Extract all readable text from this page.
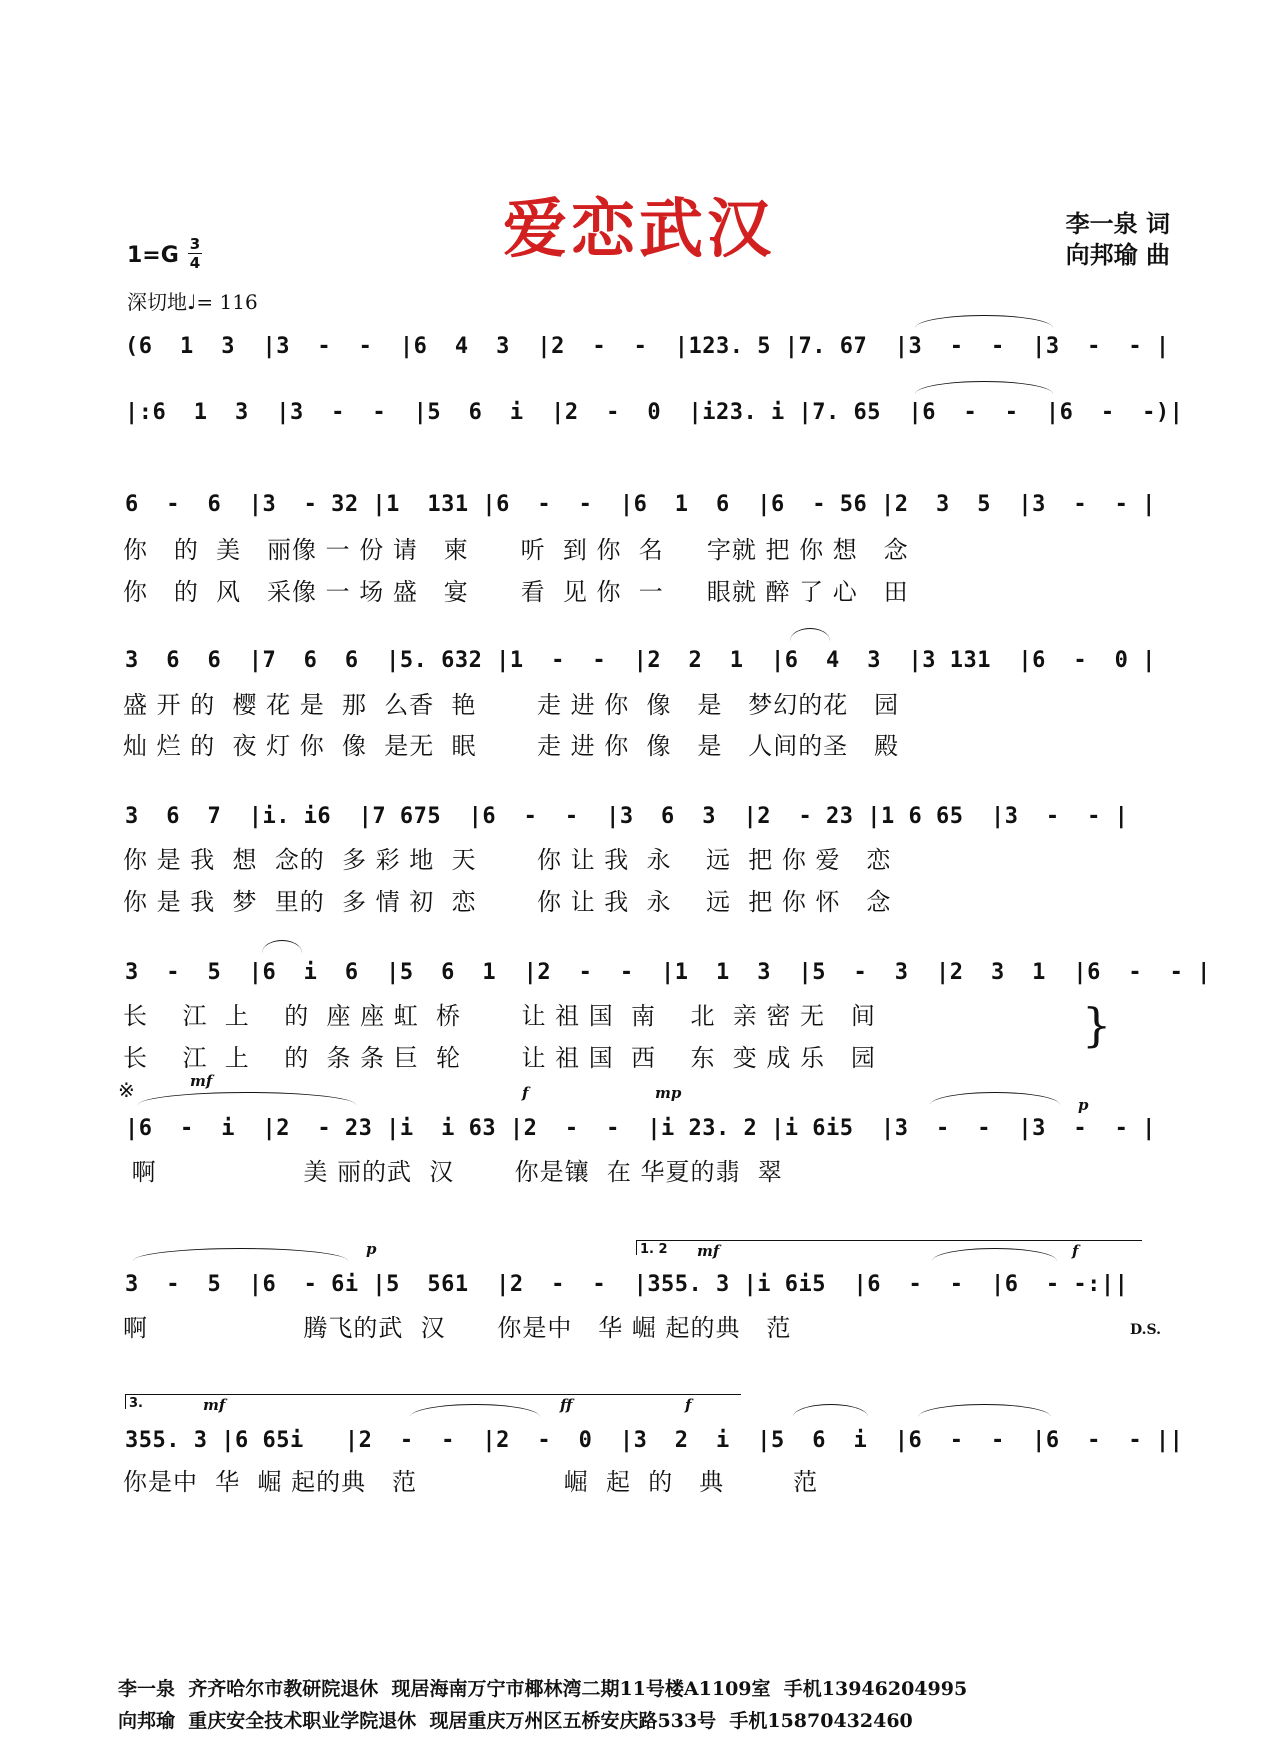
爱恋武汉	李一泉 词
向邦瑜 曲
1=G 3
4
深切地♩= 116
(6  1  3  |3  -  -  |6  4  3  |2  -  -  |123. 5 |7. 67  |3  -  -  |3  -  - |
|:6  1  3  |3  -  -  |5  6  i  |2  -  0  |i23. i |7. 65  |6  -  -  |6  -  -)|
6  -  6  |3  - 32 |1  131 |6  -  -  |6  1  6  |6  - 56 |2  3  5  |3  -  - |
你   的  美   丽像 一 份 请   柬      听  到 你  名     字就 把 你 想   念
你   的  风   采像 一 场 盛   宴      看  见 你  一     眼就 醉 了 心   田
3  6  6  |7  6  6  |5. 632 |1  -  -  |2  2  1  |6  4  3  |3 131  |6  -  0 |
盛 开 的  樱 花 是  那  么香  艳       走 进 你  像   是   梦幻的花   园
灿 烂 的  夜 灯 你  像  是无  眠       走 进 你  像   是   人间的圣   殿
3  6  7  |i. i6  |7 675  |6  -  -  |3  6  3  |2  - 23 |1 6 65  |3  -  - |
你 是 我  想  念的  多 彩 地  天       你 让 我  永    远  把 你 爱   恋
你 是 我  梦  里的  多 情 初  恋       你 让 我  永    远  把 你 怀   念
3  -  5  |6  i  6  |5  6  1  |2  -  -  |1  1  3  |5  -  3  |2  3  1  |6  -  - |
长    江  上    的  座 座 虹  桥       让 祖 国  南    北  亲 密 无   间
长    江  上    的  条 条 巨  轮       让 祖 国  西    东  变 成 乐   园
}
※	mf
f	mp
p
|6  -  i  |2  - 23 |i  i 63 |2  -  -  |i 23. 2 |i 6i5  |3  -  -  |3  -  - |
啊                 美 丽的武  汉       你是镶  在 华夏的翡  翠
1. 2
p	mf	f
3  -  5  |6  - 6i |5  561  |2  -  -  |355. 3 |i 6i5  |6  -  -  |6  - -:||
啊                  腾飞的武  汉      你是中   华 崛 起的典   范	D.S.
3.	mf	ff	f
355. 3 |6 65i   |2  -  -  |2  -  0  |3  2  i  |5  6  i  |6  -  -  |6  -  - ||
你是中  华  崛 起的典   范                 崛  起  的   典        范
李一泉  齐齐哈尔市教研院退休  现居海南万宁市椰林湾二期11号楼A1109室  手机13946204995
向邦瑜  重庆安全技术职业学院退休  现居重庆万州区五桥安庆路533号  手机15870432460
